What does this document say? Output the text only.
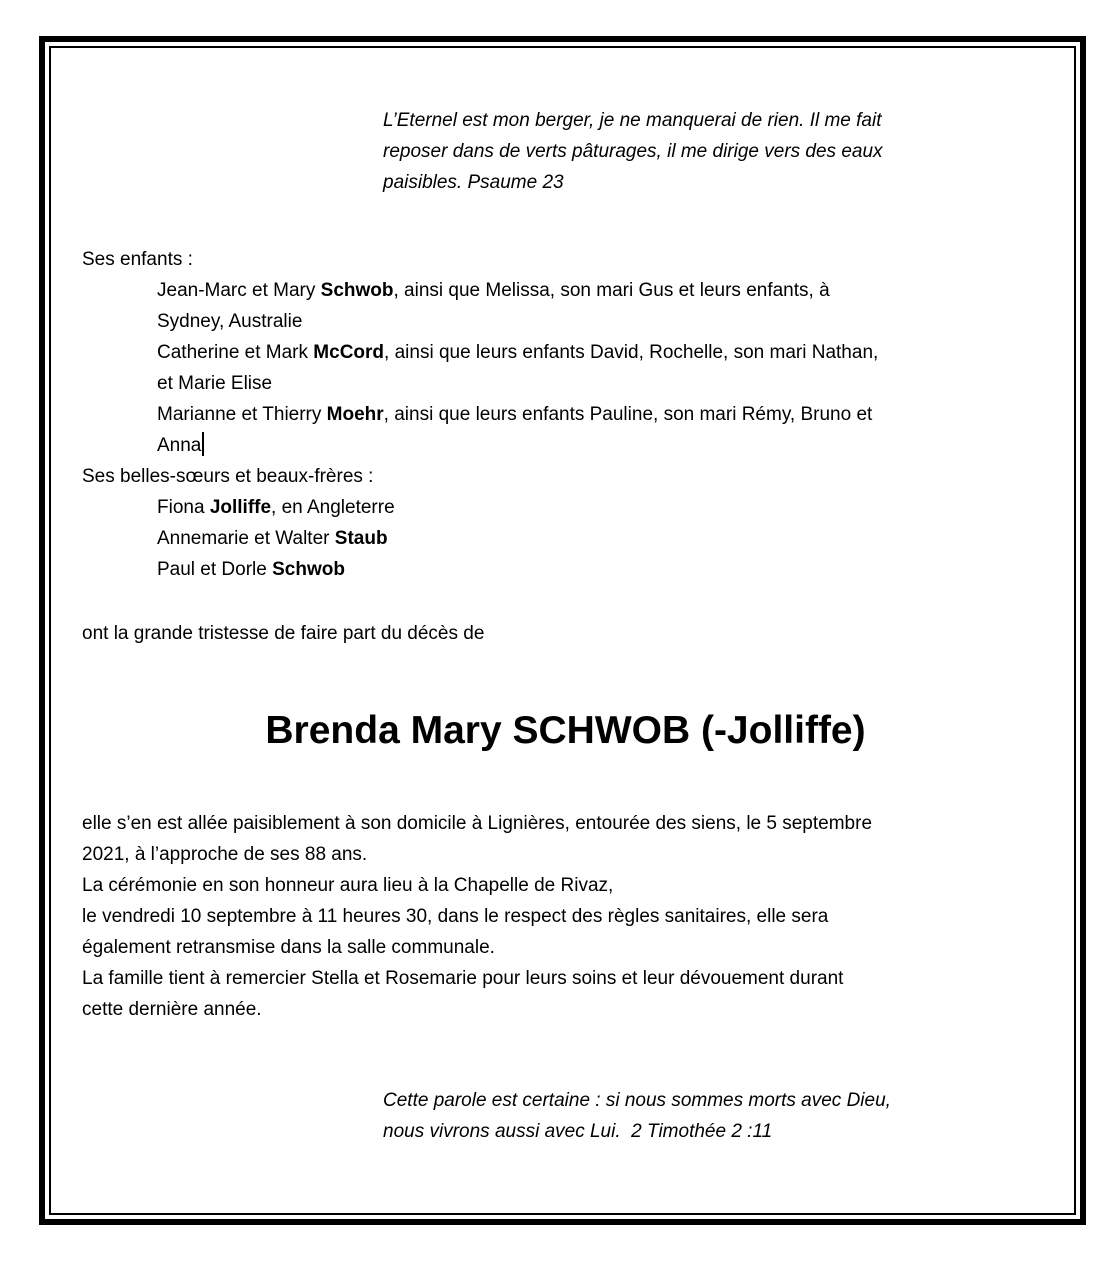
L’Eternel est mon berger, je ne manquerai de rien. Il me fait
reposer dans de verts pâturages, il me dirige vers des eaux
paisibles. Psaume 23
Ses enfants :
Jean-Marc et Mary Schwob, ainsi que Melissa, son mari Gus et leurs enfants, à
Sydney, Australie
Catherine et Mark McCord, ainsi que leurs enfants David, Rochelle, son mari Nathan,
et Marie Elise
Marianne et Thierry Moehr, ainsi que leurs enfants Pauline, son mari Rémy, Bruno et
Anna
Ses belles-sœurs et beaux-frères :
Fiona Jolliffe, en Angleterre
Annemarie et Walter Staub
Paul et Dorle Schwob
ont la grande tristesse de faire part du décès de
Brenda Mary SCHWOB (-Jolliffe)
elle s’en est allée paisiblement à son domicile à Lignières, entourée des siens, le 5 septembre
2021, à l’approche de ses 88 ans.
La cérémonie en son honneur aura lieu à la Chapelle de Rivaz,
le vendredi 10 septembre à 11 heures 30, dans le respect des règles sanitaires, elle sera
également retransmise dans la salle communale.
La famille tient à remercier Stella et Rosemarie pour leurs soins et leur dévouement durant
cette dernière année.
Cette parole est certaine : si nous sommes morts avec Dieu,
nous vivrons aussi avec Lui.  2 Timothée 2 :11
